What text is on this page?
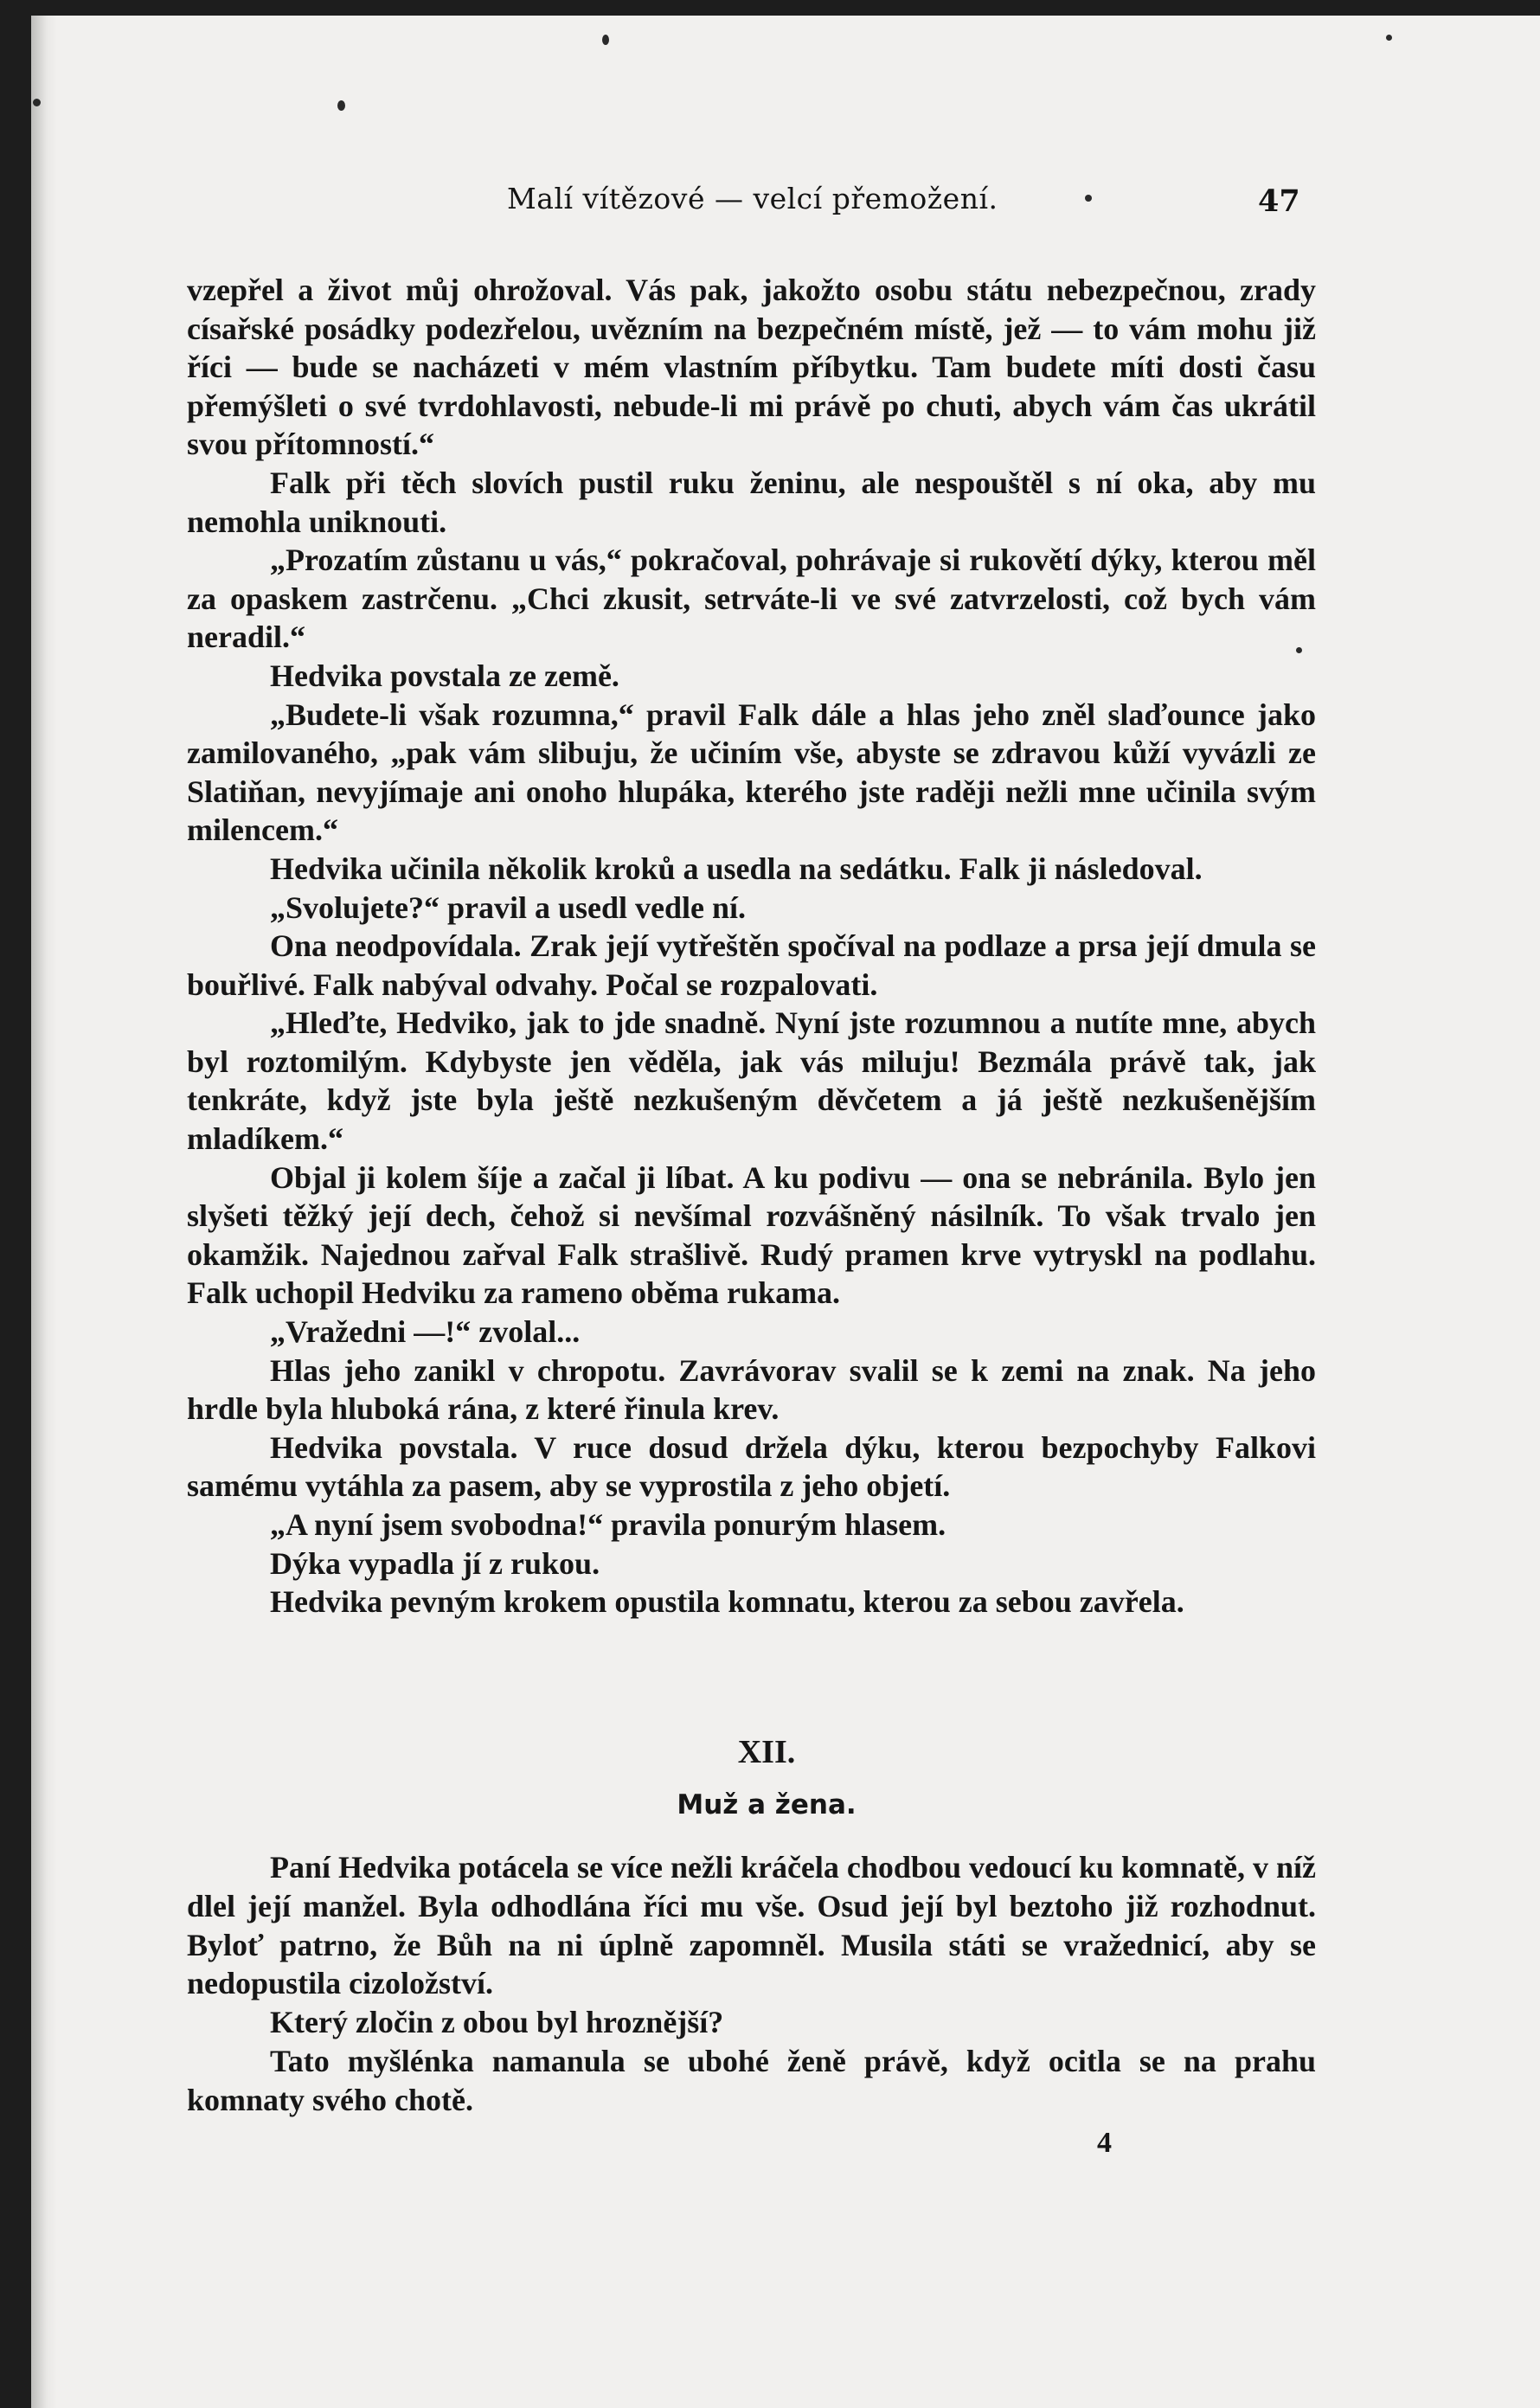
Malí vítězové — velcí přemožení.	47

vzepřel a život můj ohrožoval. Vás pak, jakožto osobu státu nebezpečnou, zrady císařské posádky podezřelou, uvězním na bezpečném místě, jež — to vám mohu již říci — bude se nacházeti v mém vlastním příbytku. Tam budete míti dosti času přemýšleti o své tvrdohlavosti, nebude-li mi právě po chuti, abych vám čas ukrátil svou přítomností.“

Falk při těch slovích pustil ruku ženinu, ale nespouštěl s ní oka, aby mu nemohla uniknouti.

„Prozatím zůstanu u vás,“ pokračoval, pohrávaje si rukovětí dýky, kterou měl za opaskem zastrčenu. „Chci zkusit, setrváte-li ve své zatvrzelosti, což bych vám neradil.“

Hedvika povstala ze země.

„Budete-li však rozumna,“ pravil Falk dále a hlas jeho zněl slaďounce jako zamilovaného, „pak vám slibuju, že učiním vše, abyste se zdravou kůží vyvázli ze Slatiňan, nevyjímaje ani onoho hlupáka, kterého jste raději nežli mne učinila svým milencem.“

Hedvika učinila několik kroků a usedla na sedátku. Falk ji následoval.

„Svolujete?“ pravil a usedl vedle ní.

Ona neodpovídala. Zrak její vytřeštěn spočíval na podlaze a prsa její dmula se bouřlivé. Falk nabýval odvahy. Počal se rozpalovati.

„Hleďte, Hedviko, jak to jde snadně. Nyní jste rozumnou a nutíte mne, abych byl roztomilým. Kdybyste jen věděla, jak vás miluju! Bezmála právě tak, jak tenkráte, když jste byla ještě nezkušeným děvčetem a já ještě nezkušenějším mladíkem.“

Objal ji kolem šíje a začal ji líbat. A ku podivu — ona se nebránila. Bylo jen slyšeti těžký její dech, čehož si nevšímal rozvášněný násilník. To však trvalo jen okamžik. Najednou zařval Falk strašlivě. Rudý pramen krve vytryskl na podlahu. Falk uchopil Hedviku za rameno oběma rukama.

„Vražedni —!“ zvolal...

Hlas jeho zanikl v chropotu. Zavrávorav svalil se k zemi na znak. Na jeho hrdle byla hluboká rána, z které řinula krev.

Hedvika povstala. V ruce dosud držela dýku, kterou bezpochyby Falkovi samému vytáhla za pasem, aby se vyprostila z jeho objetí.

„A nyní jsem svobodna!“ pravila ponurým hlasem.

Dýka vypadla jí z rukou.

Hedvika pevným krokem opustila komnatu, kterou za sebou zavřela.

XII.
Muž a žena.

Paní Hedvika potácela se více nežli kráčela chodbou vedoucí ku komnatě, v níž dlel její manžel. Byla odhodlána říci mu vše. Osud její byl beztoho již rozhodnut. Byloť patrno, že Bůh na ni úplně zapomněl. Musila státi se vražednicí, aby se nedopustila cizoložství.

Který zločin z obou byl hroznější?

Tato myšlénka namanula se ubohé ženě právě, když ocitla se na prahu komnaty svého chotě.

4
